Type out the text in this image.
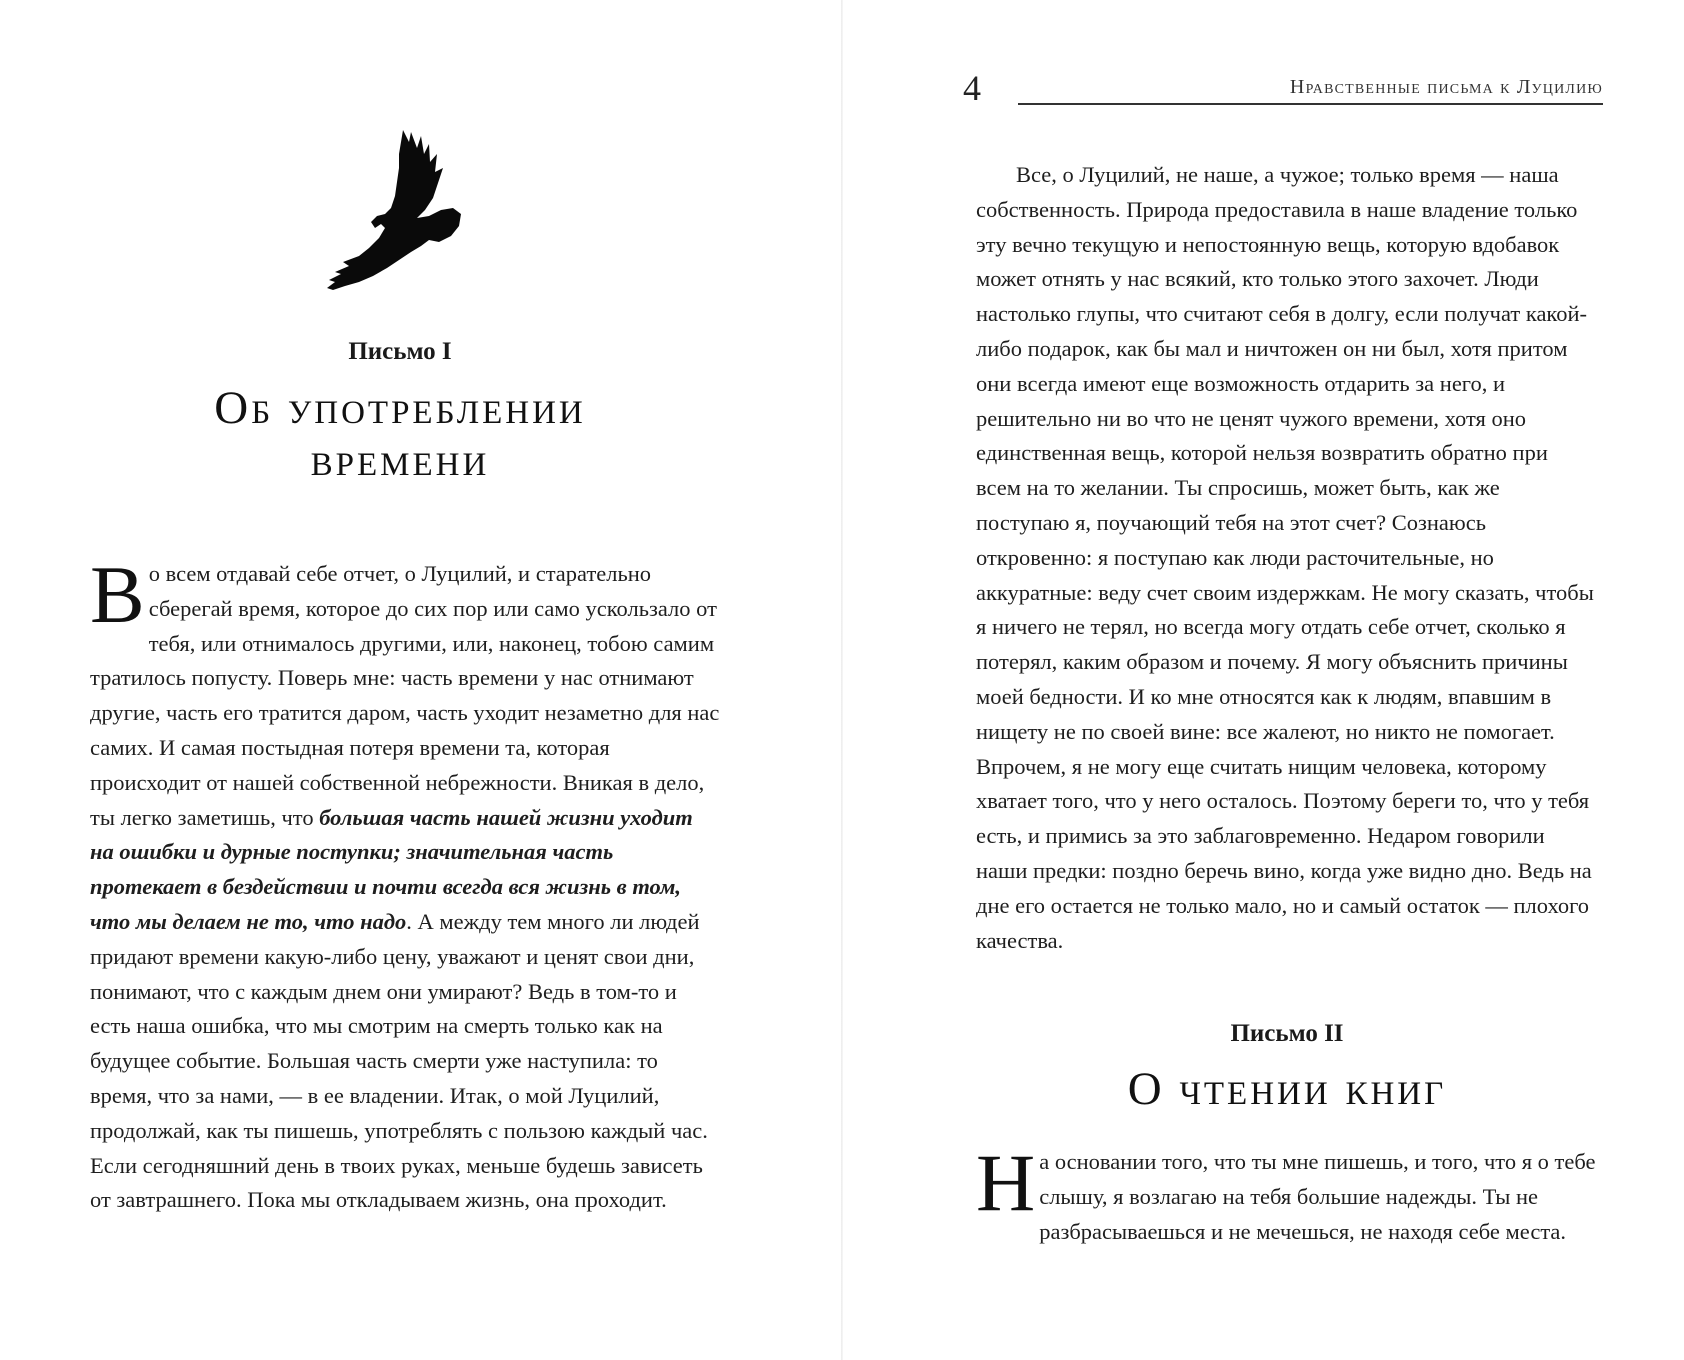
Письмо I
Об употреблении
времени

Во всем отдавай себе отчет, о Луцилий, и старательно сберегай время, которое до сих пор или само ускользало от тебя, или отнималось другими, или, наконец, тобою самим тратилось попусту. Поверь мне: часть времени у нас отнимают другие, часть его тратится даром, часть уходит незаметно для нас самих. И самая постыдная потеря времени та, которая происходит от нашей собственной небрежности. Вникая в дело, ты легко заметишь, что большая часть нашей жизни уходит на ошибки и дурные поступки; значительная часть протекает в бездействии и почти всегда вся жизнь в том, что мы делаем не то, что надо. А между тем много ли людей придают времени какую-либо цену, уважают и ценят свои дни, понимают, что с каждым днем они умирают? Ведь в том-то и есть наша ошибка, что мы смотрим на смерть только как на будущее событие. Большая часть смерти уже наступила: то время, что за нами, — в ее владении. Итак, о мой Луцилий, продолжай, как ты пишешь, употреблять с пользою каждый час. Если сегодняшний день в твоих руках, меньше будешь зависеть от завтрашнего. Пока мы откладываем жизнь, она проходит.

4	Нравственные письма к Луцилию

Все, о Луцилий, не наше, а чужое; только время — наша собственность. Природа предоставила в наше владение только эту вечно текущую и непостоянную вещь, которую вдобавок может отнять у нас всякий, кто только этого захочет. Люди настолько глупы, что считают себя в долгу, если получат какой-либо подарок, как бы мал и ничтожен он ни был, хотя притом они всегда имеют еще возможность отдарить за него, и решительно ни во что не ценят чужого времени, хотя оно единственная вещь, которой нельзя возвратить обратно при всем на то желании. Ты спросишь, может быть, как же поступаю я, поучающий тебя на этот счет? Сознаюсь откровенно: я поступаю как люди расточительные, но аккуратные: веду счет своим издержкам. Не могу сказать, чтобы я ничего не терял, но всегда могу отдать себе отчет, сколько я потерял, каким образом и почему. Я могу объяснить причины моей бедности. И ко мне относятся как к людям, впавшим в нищету не по своей вине: все жалеют, но никто не помогает. Впрочем, я не могу еще считать нищим человека, которому хватает того, что у него осталось. Поэтому береги то, что у тебя есть, и примись за это заблаговременно. Недаром говорили наши предки: поздно беречь вино, когда уже видно дно. Ведь на дне его остается не только мало, но и самый остаток — плохого качества.

Письмо II
О чтении книг

На основании того, что ты мне пишешь, и того, что я о тебе слышу, я возлагаю на тебя большие надежды. Ты не разбрасываешься и не мечешься, не находя себе места.
